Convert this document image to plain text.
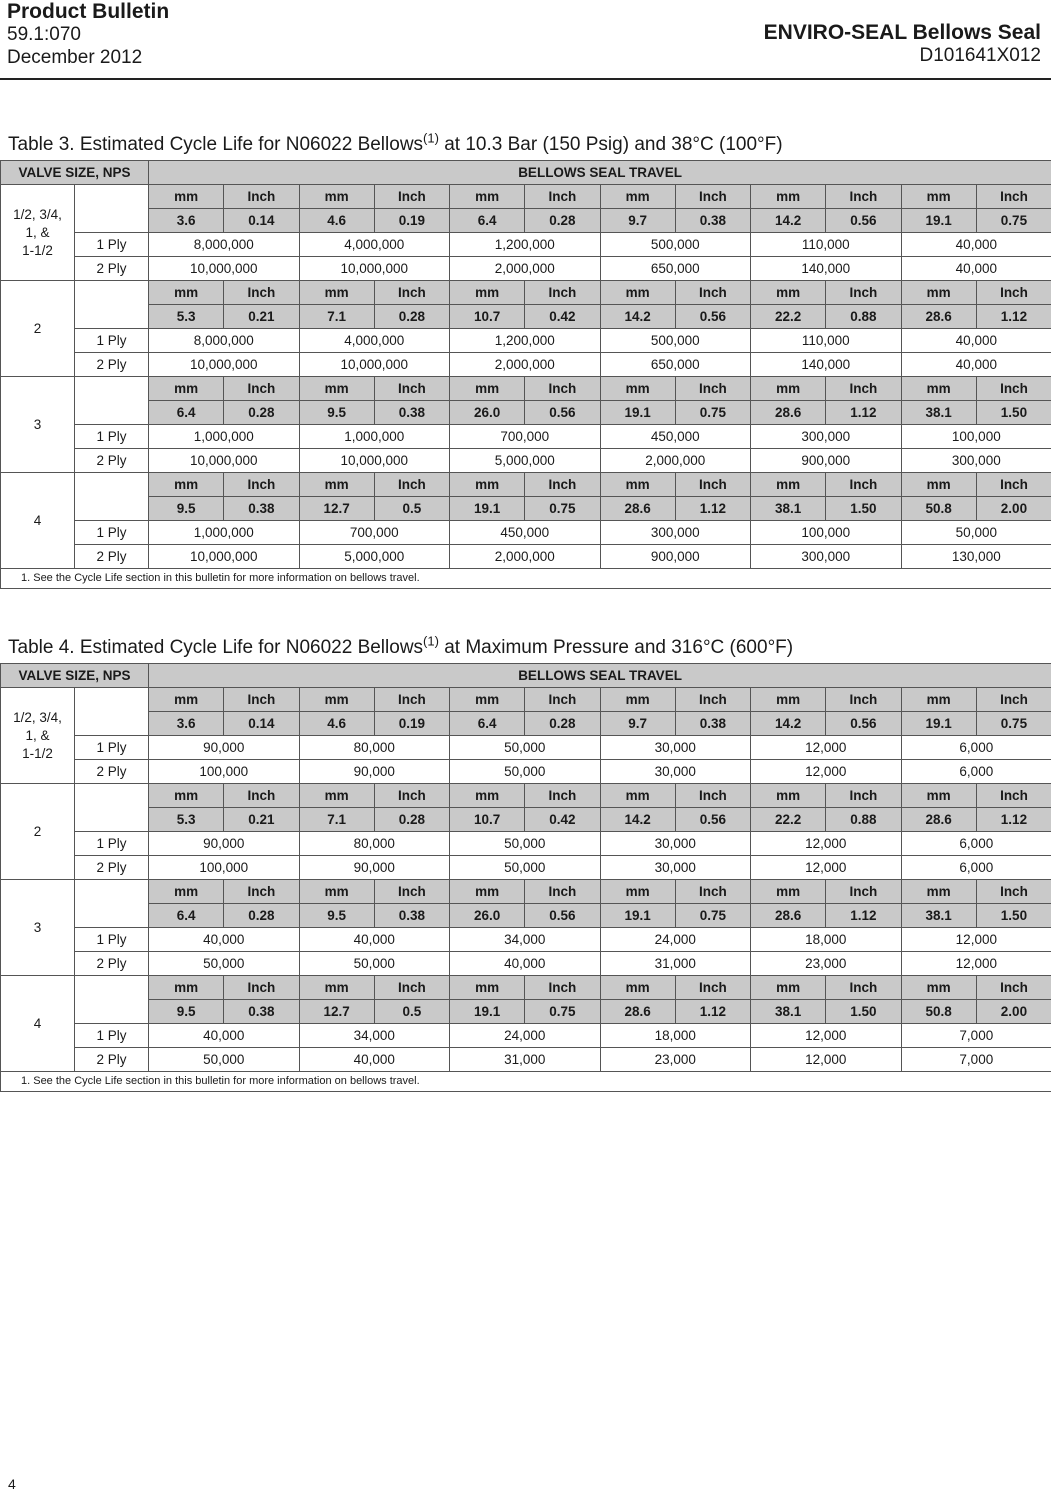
Product Bulletin
59.1:070
December 2012
ENVIRO-SEAL Bellows Seal
D101641X012
Table 3. Estimated Cycle Life for N06022 Bellows$^{(1)}$ at 10.3 Bar (150 Psig) and 38°C (100°F)
VALVE SIZE, NPS		BELLOWS SEAL TRAVEL											
1/2, 3/4,
1, &
1-1/2		mm	Inch	mm	Inch	mm	Inch	mm	Inch	mm	Inch	mm	Inch
		3.6	0.14	4.6	0.19	6.4	0.28	9.7	0.38	14.2	0.56	19.1	0.75
	1 Ply	8,000,000		4,000,000		1,200,000		500,000		110,000		40,000	
	2 Ply	10,000,000		10,000,000		2,000,000		650,000		140,000		40,000	
2		mm	Inch	mm	Inch	mm	Inch	mm	Inch	mm	Inch	mm	Inch
		5.3	0.21	7.1	0.28	10.7	0.42	14.2	0.56	22.2	0.88	28.6	1.12
	1 Ply	8,000,000		4,000,000		1,200,000		500,000		110,000		40,000	
	2 Ply	10,000,000		10,000,000		2,000,000		650,000		140,000		40,000	
3		mm	Inch	mm	Inch	mm	Inch	mm	Inch	mm	Inch	mm	Inch
		6.4	0.28	9.5	0.38	26.0	0.56	19.1	0.75	28.6	1.12	38.1	1.50
	1 Ply	1,000,000		1,000,000		700,000		450,000		300,000		100,000	
	2 Ply	10,000,000		10,000,000		5,000,000		2,000,000		900,000		300,000	
4		mm	Inch	mm	Inch	mm	Inch	mm	Inch	mm	Inch	mm	Inch
		9.5	0.38	12.7	0.5	19.1	0.75	28.6	1.12	38.1	1.50	50.8	2.00
	1 Ply	1,000,000		700,000		450,000		300,000		100,000		50,000	
	2 Ply	10,000,000		5,000,000		2,000,000		900,000		300,000		130,000	
1. See the Cycle Life section in this bulletin for more information on bellows travel.													
Table 4. Estimated Cycle Life for N06022 Bellows$^{(1)}$ at Maximum Pressure and 316°C (600°F)
VALVE SIZE, NPS		BELLOWS SEAL TRAVEL											
1/2, 3/4,
1, &
1-1/2		mm	Inch	mm	Inch	mm	Inch	mm	Inch	mm	Inch	mm	Inch
		3.6	0.14	4.6	0.19	6.4	0.28	9.7	0.38	14.2	0.56	19.1	0.75
	1 Ply	90,000		80,000		50,000		30,000		12,000		6,000	
	2 Ply	100,000		90,000		50,000		30,000		12,000		6,000	
2		mm	Inch	mm	Inch	mm	Inch	mm	Inch	mm	Inch	mm	Inch
		5.3	0.21	7.1	0.28	10.7	0.42	14.2	0.56	22.2	0.88	28.6	1.12
	1 Ply	90,000		80,000		50,000		30,000		12,000		6,000	
	2 Ply	100,000		90,000		50,000		30,000		12,000		6,000	
3		mm	Inch	mm	Inch	mm	Inch	mm	Inch	mm	Inch	mm	Inch
		6.4	0.28	9.5	0.38	26.0	0.56	19.1	0.75	28.6	1.12	38.1	1.50
	1 Ply	40,000		40,000		34,000		24,000		18,000		12,000	
	2 Ply	50,000		50,000		40,000		31,000		23,000		12,000	
4		mm	Inch	mm	Inch	mm	Inch	mm	Inch	mm	Inch	mm	Inch
		9.5	0.38	12.7	0.5	19.1	0.75	28.6	1.12	38.1	1.50	50.8	2.00
	1 Ply	40,000		34,000		24,000		18,000		12,000		7,000	
	2 Ply	50,000		40,000		31,000		23,000		12,000		7,000	
1. See the Cycle Life section in this bulletin for more information on bellows travel.													
4
